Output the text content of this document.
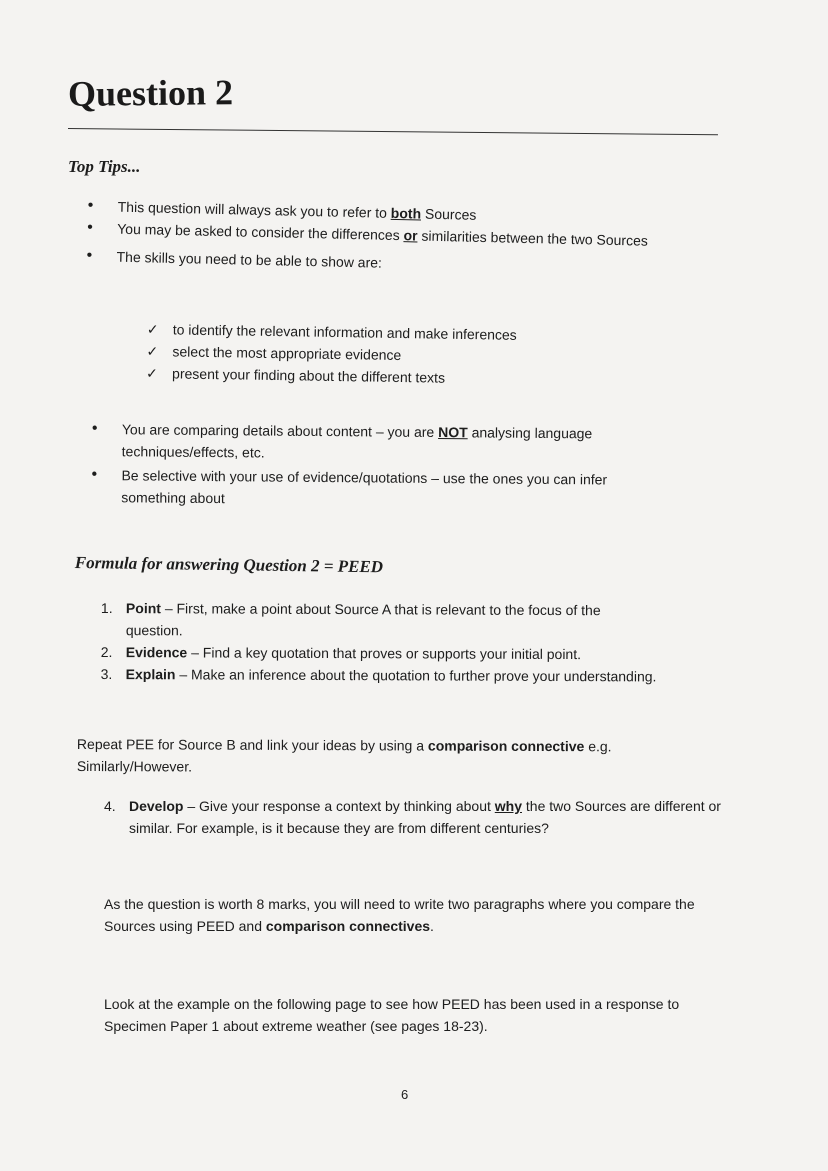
Question 2
Top Tips...
• This question will always ask you to refer to both Sources
• You may be asked to consider the differences or similarities between the two Sources
• The skills you need to be able to show are:
✓ to identify the relevant information and make inferences
✓ select the most appropriate evidence
✓ present your finding about the different texts
• You are comparing details about content – you are NOT analysing language techniques/effects, etc.
• Be selective with your use of evidence/quotations – use the ones you can infer something about
Formula for answering Question 2 = PEED
1. Point – First, make a point about Source A that is relevant to the focus of the question.
2. Evidence – Find a key quotation that proves or supports your initial point.
3. Explain – Make an inference about the quotation to further prove your understanding.
Repeat PEE for Source B and link your ideas by using a comparison connective e.g. Similarly/However.
4. Develop – Give your response a context by thinking about why the two Sources are different or similar. For example, is it because they are from different centuries?
As the question is worth 8 marks, you will need to write two paragraphs where you compare the Sources using PEED and comparison connectives.
Look at the example on the following page to see how PEED has been used in a response to Specimen Paper 1 about extreme weather (see pages 18-23).
6
